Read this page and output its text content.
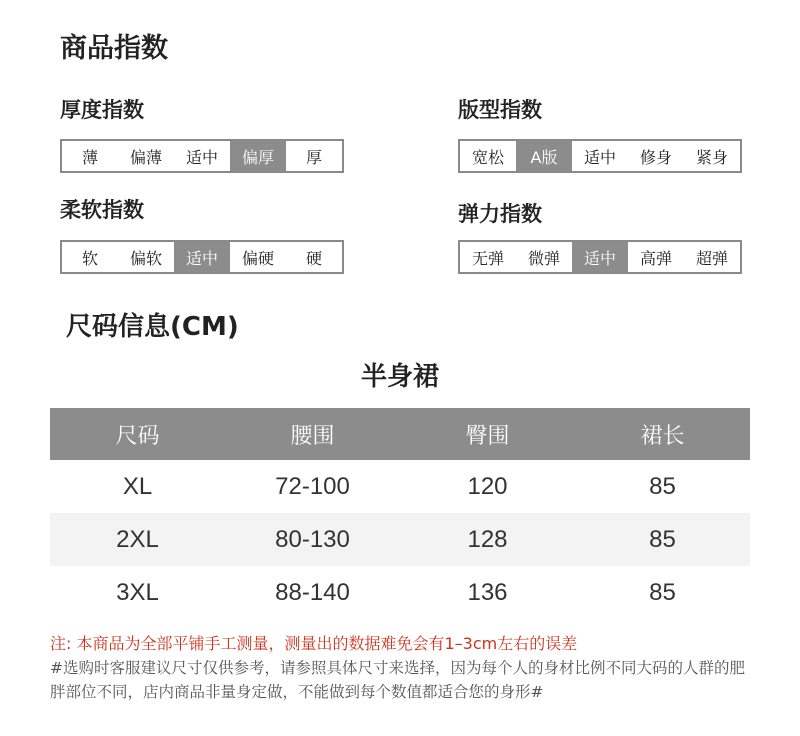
商品指数
厚度指数
薄	偏薄	适中	偏厚	厚
版型指数
宽松	A版	适中	修身	紧身
柔软指数
软	偏软	适中	偏硬	硬
弹力指数
无弹	微弹	适中	高弹	超弹
尺码信息(CM)
半身裙
尺码	腰围	臀围	裙长
XL	72-100	120	85
2XL	80-130	128	85
3XL	88-140	136	85
注: 本商品为全部平铺手工测量，测量出的数据难免会有1–3cm左右的误差
#选购时客服建议尺寸仅供参考，请参照具体尺寸来选择，因为每个人的身材比例不同大码的人群的肥胖部位不同，店内商品非量身定做，不能做到每个数值都适合您的身形#
